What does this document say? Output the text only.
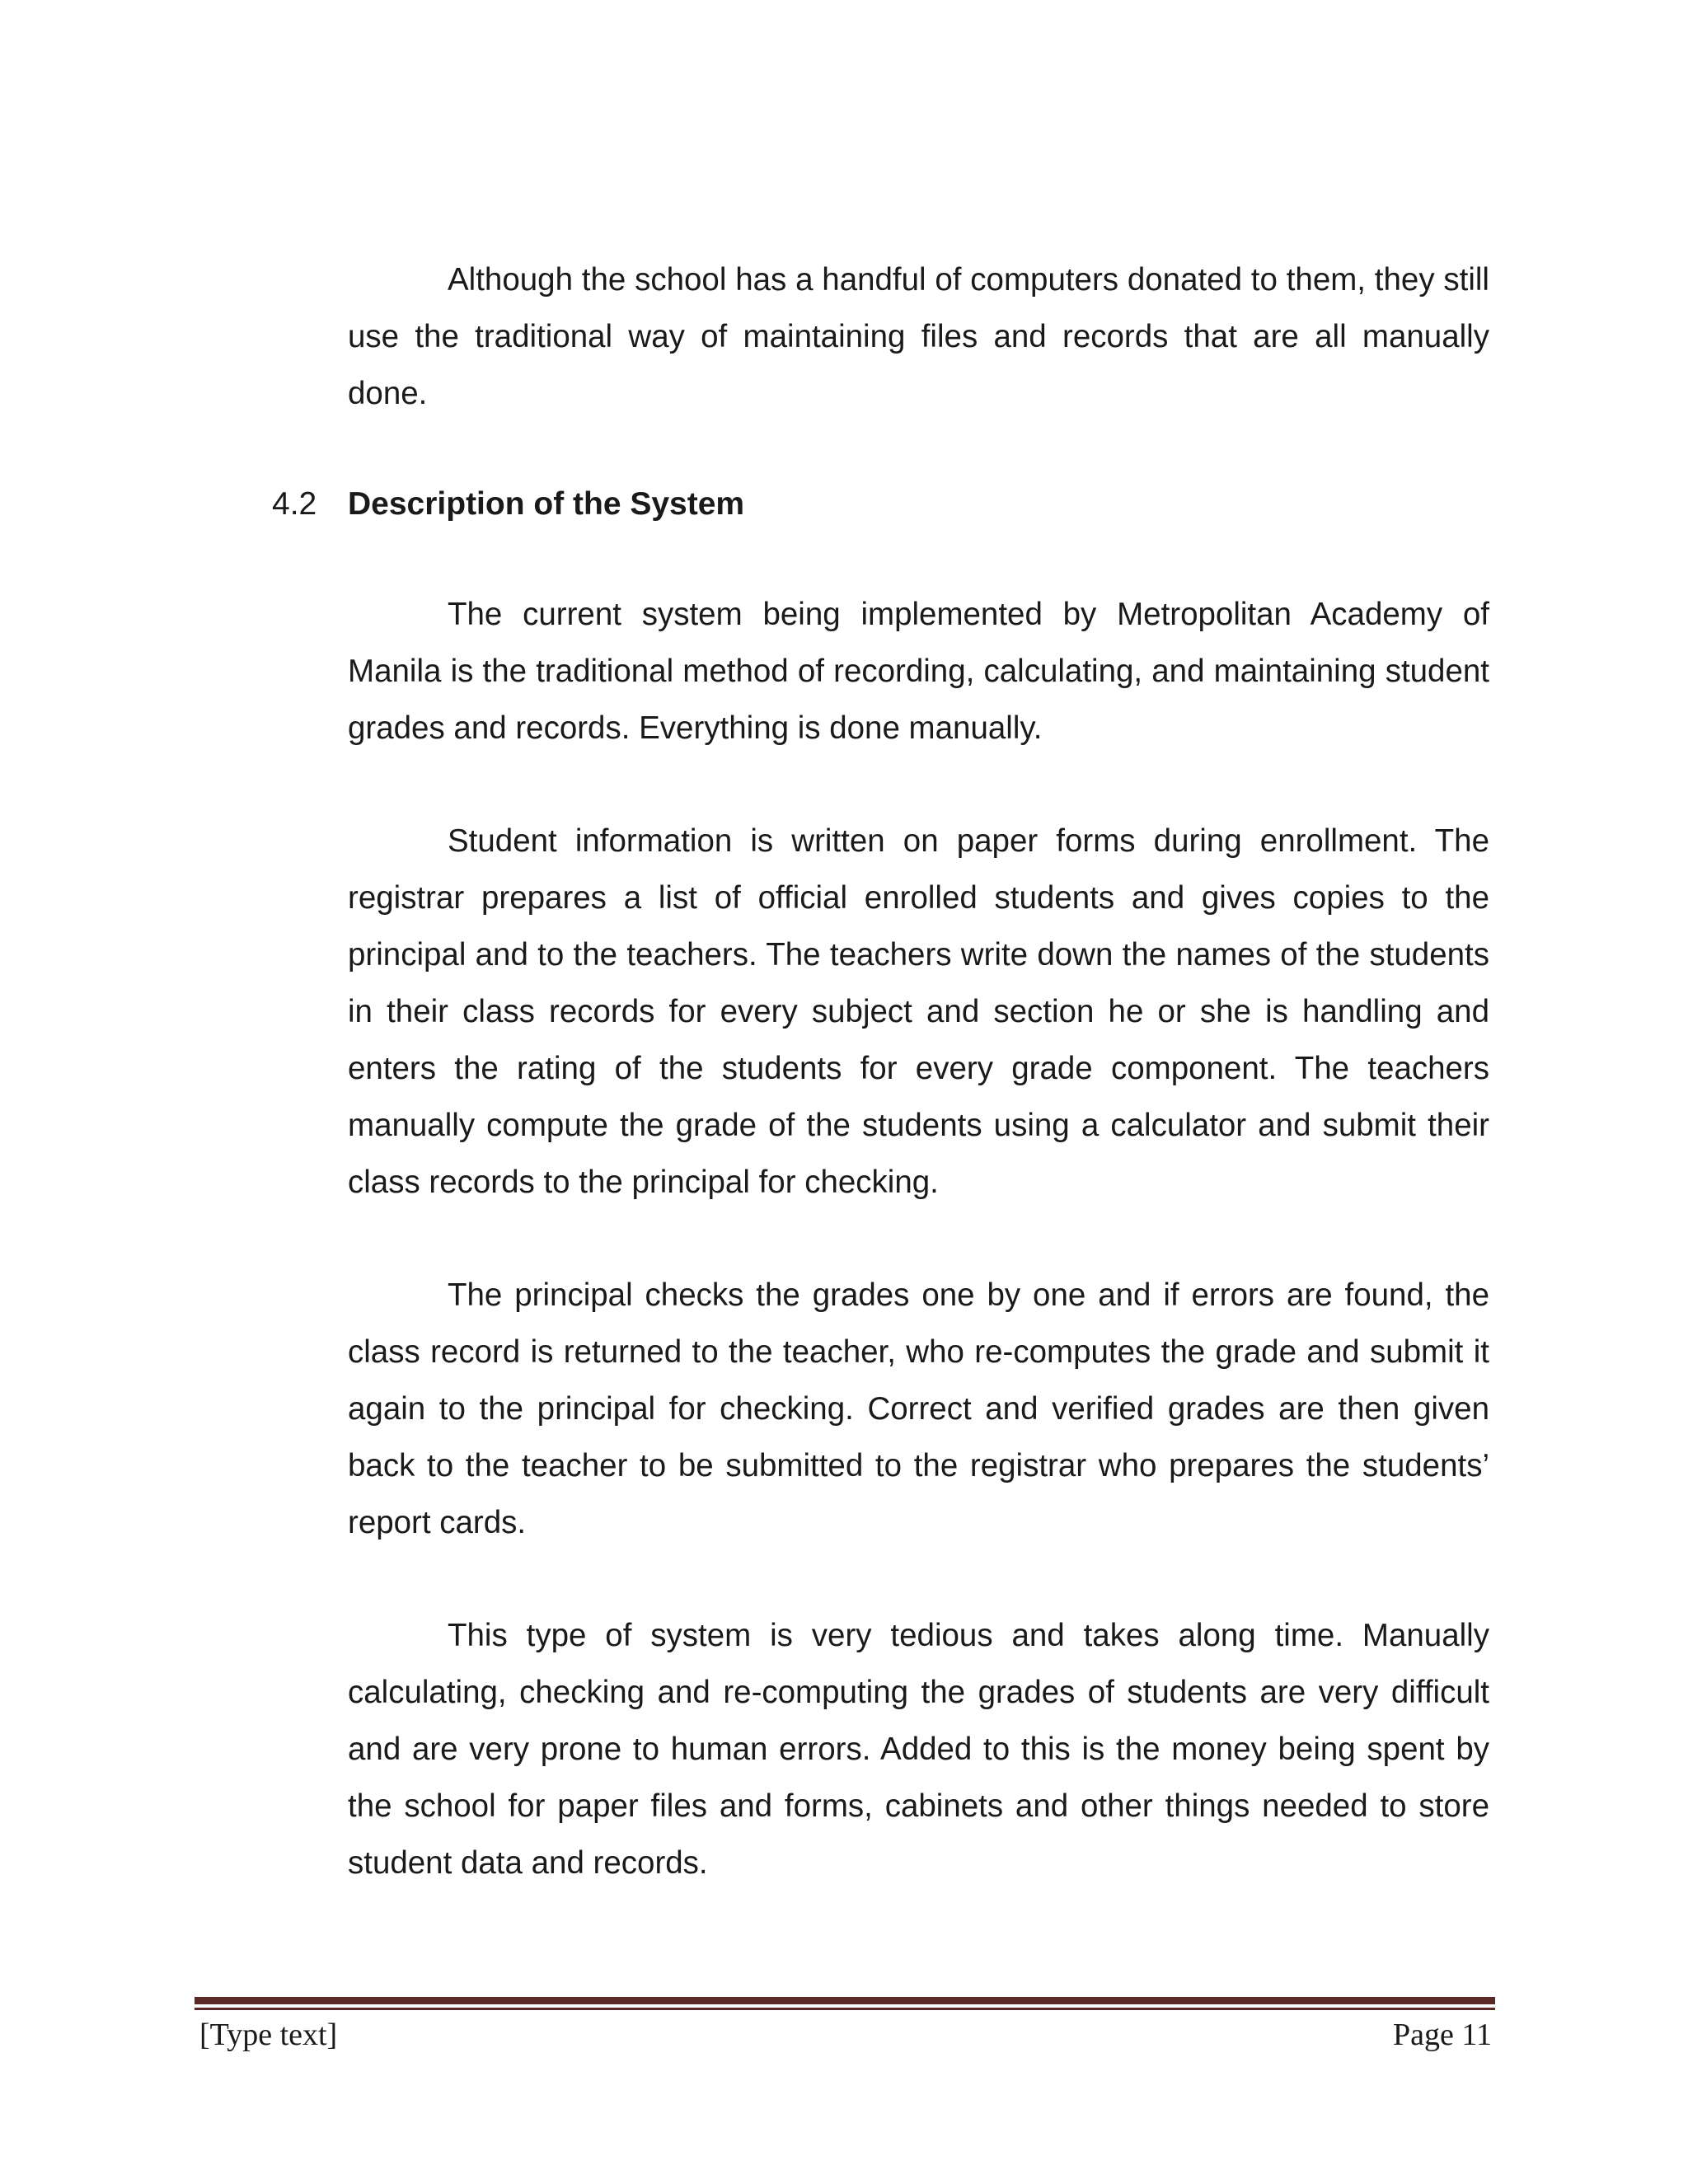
Although the school has a handful of computers donated to them, they still use the traditional way of maintaining files and records that are all manually done.

4.2 Description of the System

The current system being implemented by Metropolitan Academy of Manila is the traditional method of recording, calculating, and maintaining student grades and records. Everything is done manually.

Student information is written on paper forms during enrollment. The registrar prepares a list of official enrolled students and gives copies to the principal and to the teachers. The teachers write down the names of the students in their class records for every subject and section he or she is handling and enters the rating of the students for every grade component. The teachers manually compute the grade of the students using a calculator and submit their class records to the principal for checking.

The principal checks the grades one by one and if errors are found, the class record is returned to the teacher, who re-computes the grade and submit it again to the principal for checking. Correct and verified grades are then given back to the teacher to be submitted to the registrar who prepares the students’ report cards.

This type of system is very tedious and takes along time. Manually calculating, checking and re-computing the grades of students are very difficult and are very prone to human errors. Added to this is the money being spent by the school for paper files and forms, cabinets and other things needed to store student data and records.

[Type text]	Page 11
